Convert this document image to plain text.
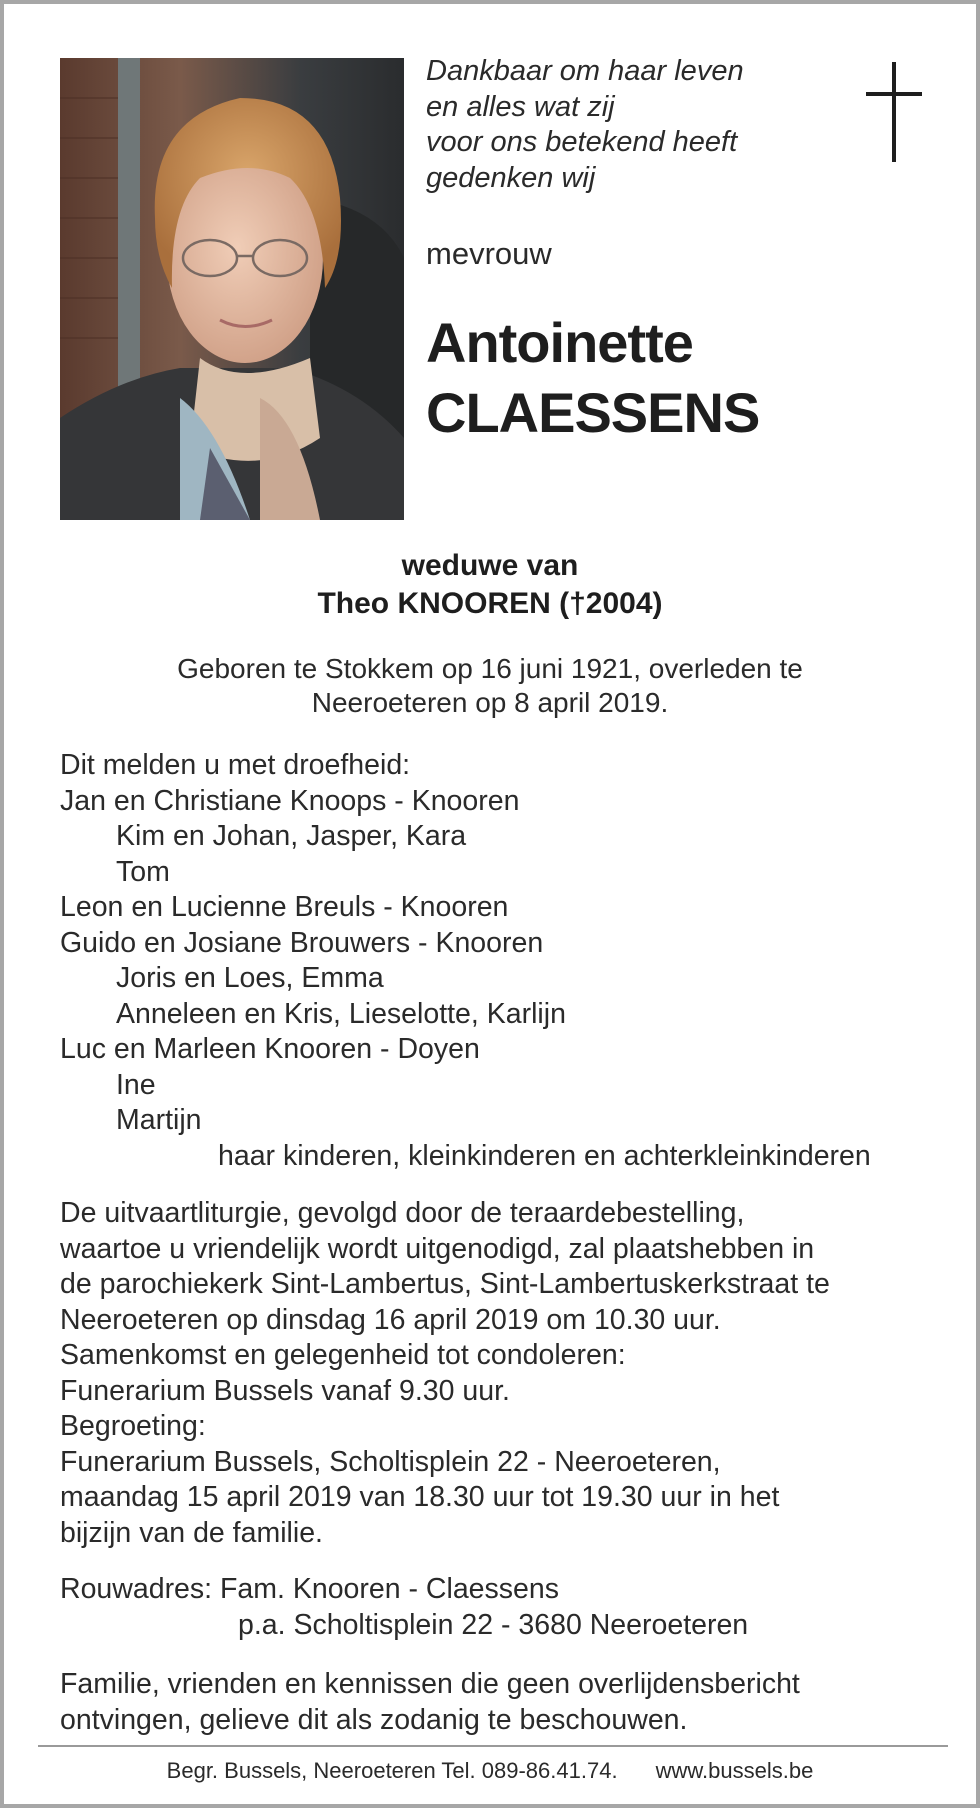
Dankbaar om haar leven
en alles wat zij
voor ons betekend heeft
gedenken wij
mevrouw
Antoinette
CLAESSENS
weduwe van
Theo KNOOREN (†2004)
Geboren te Stokkem op 16 juni 1921, overleden te
Neeroeteren op 8 april 2019.
Dit melden u met droefheid:
Jan en Christiane Knoops - Knooren
Kim en Johan, Jasper, Kara
Tom
Leon en Lucienne Breuls - Knooren
Guido en Josiane Brouwers - Knooren
Joris en Loes, Emma
Anneleen en Kris, Lieselotte, Karlijn
Luc en Marleen Knooren - Doyen
Ine
Martijn
haar kinderen, kleinkinderen en achterkleinkinderen
De uitvaartliturgie, gevolgd door de teraardebestelling,
waartoe u vriendelijk wordt uitgenodigd, zal plaatshebben in
de parochiekerk Sint-Lambertus, Sint-Lambertuskerkstraat te
Neeroeteren op dinsdag 16 april 2019 om 10.30 uur.
Samenkomst en gelegenheid tot condoleren:
Funerarium Bussels vanaf 9.30 uur.
Begroeting:
Funerarium Bussels, Scholtisplein 22 - Neeroeteren,
maandag 15 april 2019 van 18.30 uur tot 19.30 uur in het
bijzijn van de familie.
Rouwadres: Fam. Knooren - Claessens
p.a. Scholtisplein 22 - 3680 Neeroeteren
Familie, vrienden en kennissen die geen overlijdensbericht
ontvingen, gelieve dit als zodanig te beschouwen.
Begr. Bussels, Neeroeteren Tel. 089-86.41.74. www.bussels.be
